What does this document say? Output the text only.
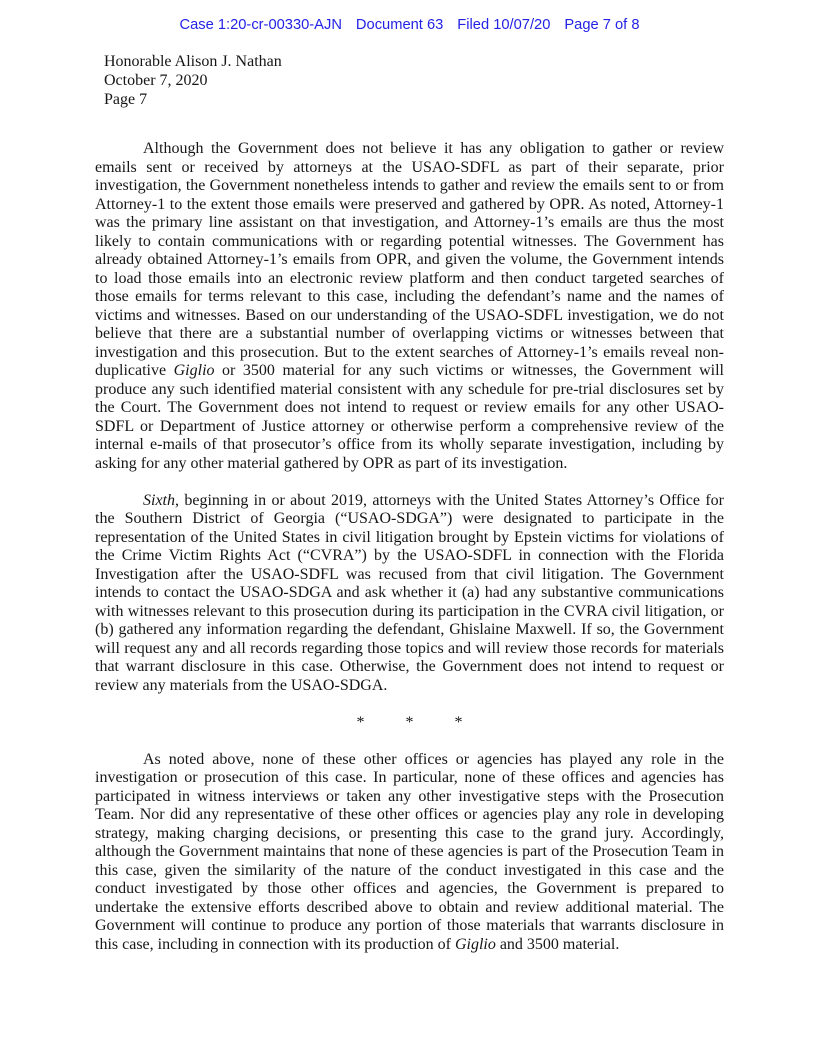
Case 1:20-cr-00330-AJN Document 63 Filed 10/07/20 Page 7 of 8
Honorable Alison J. Nathan
October 7, 2020
Page 7

Although the Government does not believe it has any obligation to gather or review emails sent or received by attorneys at the USAO-SDFL as part of their separate, prior investigation, the Government nonetheless intends to gather and review the emails sent to or from Attorney-1 to the extent those emails were preserved and gathered by OPR. As noted, Attorney-1 was the primary line assistant on that investigation, and Attorney-1’s emails are thus the most likely to contain communications with or regarding potential witnesses. The Government has already obtained Attorney-1’s emails from OPR, and given the volume, the Government intends to load those emails into an electronic review platform and then conduct targeted searches of those emails for terms relevant to this case, including the defendant’s name and the names of victims and witnesses. Based on our understanding of the USAO-SDFL investigation, we do not believe that there are a substantial number of overlapping victims or witnesses between that investigation and this prosecution. But to the extent searches of Attorney-1’s emails reveal non-duplicative Giglio or 3500 material for any such victims or witnesses, the Government will produce any such identified material consistent with any schedule for pre-trial disclosures set by the Court. The Government does not intend to request or review emails for any other USAO-SDFL or Department of Justice attorney or otherwise perform a comprehensive review of the internal e-mails of that prosecutor’s office from its wholly separate investigation, including by asking for any other material gathered by OPR as part of its investigation.

Sixth, beginning in or about 2019, attorneys with the United States Attorney’s Office for the Southern District of Georgia (“USAO-SDGA”) were designated to participate in the representation of the United States in civil litigation brought by Epstein victims for violations of the Crime Victim Rights Act (“CVRA”) by the USAO-SDFL in connection with the Florida Investigation after the USAO-SDFL was recused from that civil litigation. The Government intends to contact the USAO-SDGA and ask whether it (a) had any substantive communications with witnesses relevant to this prosecution during its participation in the CVRA civil litigation, or (b) gathered any information regarding the defendant, Ghislaine Maxwell. If so, the Government will request any and all records regarding those topics and will review those records for materials that warrant disclosure in this case. Otherwise, the Government does not intend to request or review any materials from the USAO-SDGA.

*	*	*

As noted above, none of these other offices or agencies has played any role in the investigation or prosecution of this case. In particular, none of these offices and agencies has participated in witness interviews or taken any other investigative steps with the Prosecution Team. Nor did any representative of these other offices or agencies play any role in developing strategy, making charging decisions, or presenting this case to the grand jury. Accordingly, although the Government maintains that none of these agencies is part of the Prosecution Team in this case, given the similarity of the nature of the conduct investigated in this case and the conduct investigated by those other offices and agencies, the Government is prepared to undertake the extensive efforts described above to obtain and review additional material. The Government will continue to produce any portion of those materials that warrants disclosure in this case, including in connection with its production of Giglio and 3500 material.
